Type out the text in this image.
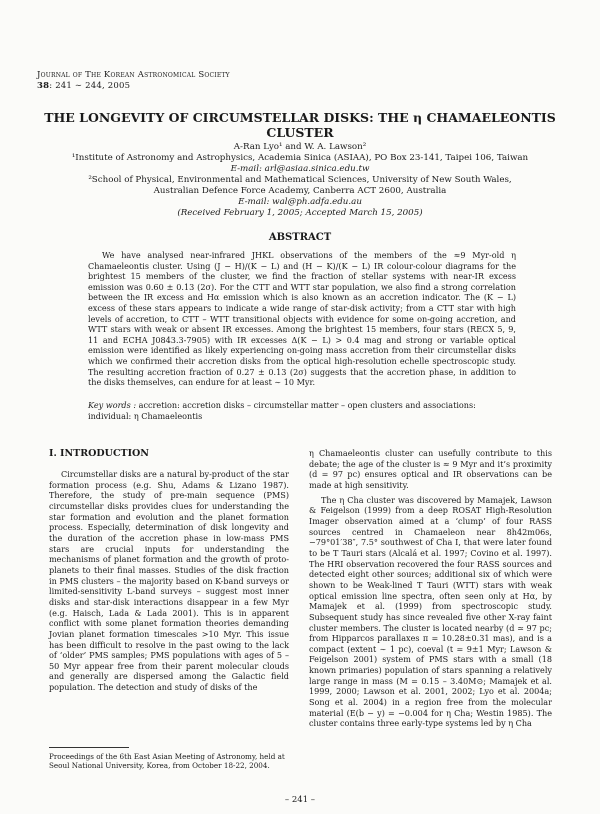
Journal of The Korean Astronomical Society
38: 241 ∼ 244, 2005
THE LONGEVITY OF CIRCUMSTELLAR DISKS: THE η CHAMAELEONTIS CLUSTER
A-Ran Lyo¹ and W. A. Lawson²
¹Institute of Astronomy and Astrophysics, Academia Sinica (ASIAA), PO Box 23-141, Taipei 106, Taiwan
E-mail: arl@asiaa.sinica.edu.tw
²School of Physical, Environmental and Mathematical Sciences, University of New South Wales,
Australian Defence Force Academy, Canberra ACT 2600, Australia
E-mail: wal@ph.adfa.edu.au
(Received February 1, 2005; Accepted March 15, 2005)
ABSTRACT

We have analysed near-infrared JHKL observations of the members of the ≈9 Myr-old η Chamaeleontis cluster. Using (J − H)/(K − L) and (H − K)/(K − L) IR colour-colour diagrams for the brightest 15 members of the cluster, we find the fraction of stellar systems with near-IR excess emission was 0.60 ± 0.13 (2σ). For the CTT and WTT star population, we also find a strong correlation between the IR excess and Hα emission which is also known as an accretion indicator. The (K − L) excess of these stars appears to indicate a wide range of star-disk activity; from a CTT star with high levels of accretion, to CTT – WTT transitional objects with evidence for some on-going accretion, and WTT stars with weak or absent IR excesses. Among the brightest 15 members, four stars (RECX 5, 9, 11 and ECHA J0843.3-7905) with IR excesses Δ(K − L) > 0.4 mag and strong or variable optical emission were identified as likely experiencing on-going mass accretion from their circumstellar disks which we confirmed their accretion disks from the optical high-resolution echelle spectroscopic study. The resulting accretion fraction of 0.27 ± 0.13 (2σ) suggests that the accretion phase, in addition to the disks themselves, can endure for at least ∼ 10 Myr.

Key words : accretion: accretion disks – circumstellar matter – open clusters and associations: individual: η Chamaeleontis

I. INTRODUCTION

Circumstellar disks are a natural by-product of the star formation process (e.g. Shu, Adams & Lizano 1987). Therefore, the study of pre-main sequence (PMS) circumstellar disks provides clues for understanding the star formation and evolution and the planet formation process. Especially, determination of disk longevity and the duration of the accretion phase in low-mass PMS stars are crucial inputs for understanding the mechanisms of planet formation and the growth of proto-planets to their final masses. Studies of the disk fraction in PMS clusters – the majority based on K-band surveys or limited-sensitivity L-band surveys – suggest most inner disks and star-disk interactions disappear in a few Myr (e.g. Haisch, Lada & Lada 2001). This is in apparent conflict with some planet formation theories demanding Jovian planet formation timescales >10 Myr. This issue has been difficult to resolve in the past owing to the lack of ‘older’ PMS samples; PMS populations with ages of 5 – 50 Myr appear free from their parent molecular clouds and generally are dispersed among the Galactic field population. The detection and study of disks of the

η Chamaeleontis cluster can usefully contribute to this debate; the age of the cluster is ≈ 9 Myr and it’s proximity (d = 97 pc) ensures optical and IR observations can be made at high sensitivity.

The η Cha cluster was discovered by Mamajek, Lawson & Feigelson (1999) from a deep ROSAT High-Resolution Imager observation aimed at a ‘clump’ of four RASS sources centred in Chamaeleon near 8h42m06s, −79°01′38″, 7.5° southwest of Cha I, that were later found to be T Tauri stars (Alcalá et al. 1997; Covino et al. 1997). The HRI observation recovered the four RASS sources and detected eight other sources; additional six of which were shown to be Weak-lined T Tauri (WTT) stars with weak optical emission line spectra, often seen only at Hα, by Mamajek et al. (1999) from spectroscopic study. Subsequent study has since revealed five other X-ray faint cluster members. The cluster is located nearby (d ≃ 97 pc; from Hipparcos parallaxes π = 10.28±0.31 mas), and is a compact (extent ∼ 1 pc), coeval (t = 9±1 Myr; Lawson & Feigelson 2001) system of PMS stars with a small (18 known primaries) population of stars spanning a relatively large range in mass (M = 0.15 – 3.40M⊙; Mamajek et al. 1999, 2000; Lawson et al. 2001, 2002; Lyo et al. 2004a; Song et al. 2004) in a region free from the molecular material (E(b − y) = −0.004 for η Cha; Westin 1985). The cluster contains three early-type systems led by η Cha

Proceedings of the 6th East Asian Meeting of Astronomy, held at Seoul National University, Korea, from October 18-22, 2004.

– 241 –
